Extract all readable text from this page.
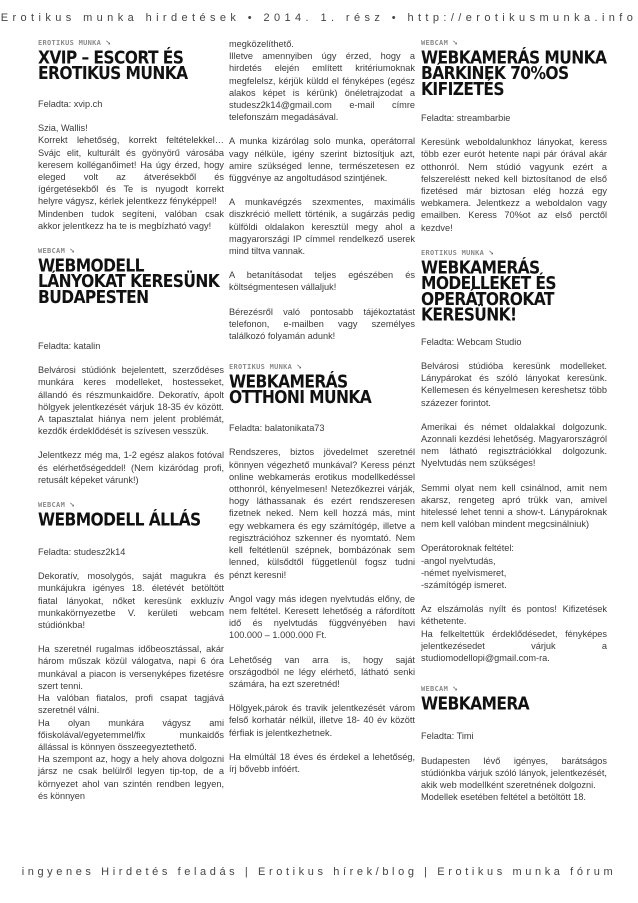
Erotikus munka hirdetések • 2014. 1. rész • http://erotikusmunka.info
EROTIKUS MUNKA ➘
XVIP – ESCORT ÉS EROTIKUS MUNKA

Feladta: xvip.ch

Szia, Wallis!

Korrekt lehetőség, korrekt feltételekkel… Svájc elit, kulturált és gyönyörű városába keresem kolléganőimet! Ha úgy érzed, hogy eleged volt az átverésekből és ígérgetésekből és Te is nyugodt korrekt helyre vágysz, kérlek jelentkezz fényképpel!

Mindenben tudok segíteni, valóban csak akkor jelentkezz ha te is megbízható vagy!

WEBCAM ➘
WEBMODELL LÁNYOKAT KERESÜNK BUDAPESTEN

Feladta: katalin

Belvárosi stúdiónk bejelentett, szerződéses munkára keres modelleket, hostesseket, állandó és részmunkaidőre. Dekoratív, ápolt hölgyek jelentkezését várjuk 18-35 év között. A tapasztalat hiánya nem jelent problémát, kezdők érdeklődését is szívesen vesszük.

Jelentkezz még ma, 1-2 egész alakos fotóval és elérhetőségeddel! (Nem kizáródag profi, retusált képeket várunk!)

WEBCAM ➘
WEBMODELL ÁLLÁS

Feladta: studesz2k14

Dekoratív, mosolygós, saját magukra és munkájukra igényes 18. életévét betöltött fiatal lányokat, nőket keresünk exkluzív munkakörnyezetbe V. kerületi webcam stúdiónkba!

Ha szeretnél rugalmas időbeosztással, akár három műszak közül válogatva, napi 6 óra munkával a piacon is versenyképes fizetésre szert tenni.

Ha valóban fiatalos, profi csapat tagjává szeretnél válni.

Ha olyan munkára vágysz ami főiskolával/egyetemmel/fix munkaidős állással is könnyen összeegyeztethető.

Ha szempont az, hogy a hely ahova dolgozni jársz ne csak belülről legyen tip-top, de a környezet ahol van szintén rendben legyen, és könnyen

megközelíthető.

Illetve amennyiben úgy érzed, hogy a hirdetés elején említett kritériumoknak megfelelsz, kérjük küldd el fényképes (egész alakos képet is kérünk) önéletrajzodat a studesz2k14@gmail.com e-mail címre telefonszám megadásával.

A munka kizárólag solo munka, operátorral vagy nélküle, igény szerint biztosítjuk azt, amire szükséged lenne, természetesen ez függvénye az angoltudásod szintjének.

A munkavégzés szexmentes, maximális diszkréció mellett történik, a sugárzás pedig külföldi oldalakon keresztül megy ahol a magyarországi IP címmel rendelkező userek mind tiltva vannak.

A betanításodat teljes egészében és költségmentesen vállaljuk!

Bérezésről való pontosabb tájékoztatást telefonon, e-mailben vagy személyes találkozó folyamán adunk!

EROTIKUS MUNKA ➘
WEBKAMERÁS OTTHONI MUNKA

Feladta: balatonikata73

Rendszeres, biztos jövedelmet szeretnél könnyen végezhető munkával? Keress pénzt online webkamerás erotikus modellkedéssel otthonról, kényelmesen! Netezőkezrei várják, hogy láthassanak és ezért rendszeresen fizetnek neked. Nem kell hozzá más, mint egy webkamera és egy számítógép, illetve a regisztrációhoz szkenner és nyomtató. Nem kell feltétlenül szépnek, bombázónak sem lenned, külsődtől függetlenül fogsz tudni pénzt keresni!

Angol vagy más idegen nyelvtudás előny, de nem feltétel. Keresett lehetőség a ráfordított idő és nyelvtudás függvényében havi 100.000 – 1.000.000 Ft.

Lehetőség van arra is, hogy saját országodból ne légy elérhető, látható senki számára, ha ezt szeretnéd!

Hölgyek,párok és travik jelentkezését várom felső korhatár nélkül, illetve 18- 40 év között férfiak is jelentkezhetnek.

Ha elmúltál 18 éves és érdekel a lehetőség, írj bővebb infóért.

WEBCAM ➘
WEBKAMERÁS MUNKA BÁRKINEK 70%OS KIFIZETÉS

Feladta: streambarbie

Keresünk weboldalunkhoz lányokat, keress több ezer eurót hetente napi pár órával akár otthonról. Nem stúdió vagyunk ezért a felszereléstt neked kell biztosítanod de első fizetésed már biztosan elég hozzá egy webkamera. Jelentkezz a weboldalon vagy emailben. Keress 70%ot az első perctől kezdve!

EROTIKUS MUNKA ➘
WEBKAMERÁS MODELLEKET ÉS OPERÁTOROKAT KERESÜNK!

Feladta: Webcam Studio

Belvárosi stúdióba keresünk modelleket. Lánypárokat és szóló lányokat keresünk. Kellemesen és kényelmesen kereshetsz több százezer forintot.

Amerikai és német oldalakkal dolgozunk. Azonnali kezdési lehetőség. Magyarországról nem látható regisztrációkkal dolgozunk. Nyelvtudás nem szükséges!

Semmi olyat nem kell csinálnod, amit nem akarsz, rengeteg apró trükk van, amivel hitelessé lehet tenni a show-t. Lánypároknak nem kell valóban mindent megcsinálniuk)

Operátoroknak feltétel:
-angol nyelvtudás,
-német nyelvismeret,
-számítógép ismeret.

Az elszámolás nyílt és pontos! Kifizetések kéthetente.

Ha felkeltettük érdeklődésedet, fényképes jelentkezésedet várjuk a studiomodellopi@gmail.com-ra.

WEBCAM ➘
WEBKAMERA

Feladta: Timi

Budapesten lévő igényes, barátságos stúdiónkba várjuk szóló lányok, jelentkezését, akik web modellként szeretnének dolgozni.

Modellek esetében feltétel a betöltött 18.

ingyenes Hirdetés feladás | Erotikus hírek/blog | Erotikus munka fórum
